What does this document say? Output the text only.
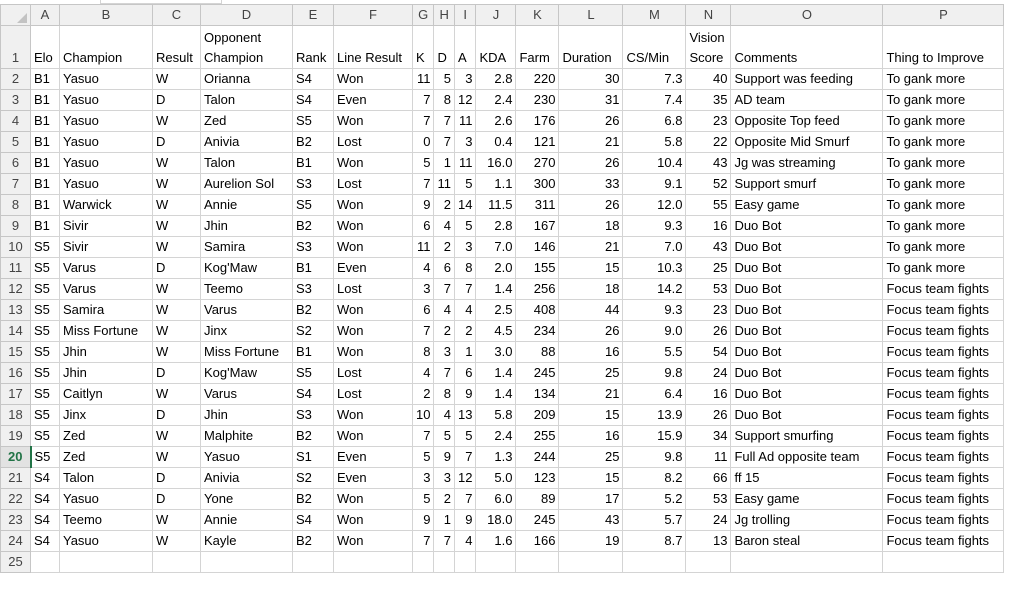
	A	B	C	D	E	F	G	H	I	J	K	L	M	N	O	P
1	Elo	Champion	Result	Opponent Champion	Rank	Line Result	K	D	A	KDA	Farm	Duration	CS/Min	Vision Score	Comments	Thing to Improve
2	B1	Yasuo	W	Orianna	S4	Won	11	5	3	2.8	220	30	7.3	40	Support was feeding	To gank more
3	B1	Yasuo	D	Talon	S4	Even	7	8	12	2.4	230	31	7.4	35	AD team	To gank more
4	B1	Yasuo	W	Zed	S5	Won	7	7	11	2.6	176	26	6.8	23	Opposite Top feed	To gank more
5	B1	Yasuo	D	Anivia	B2	Lost	0	7	3	0.4	121	21	5.8	22	Opposite Mid Smurf	To gank more
6	B1	Yasuo	W	Talon	B1	Won	5	1	11	16.0	270	26	10.4	43	Jg was streaming	To gank more
7	B1	Yasuo	W	Aurelion Sol	S3	Lost	7	11	5	1.1	300	33	9.1	52	Support smurf	To gank more
8	B1	Warwick	W	Annie	S5	Won	9	2	14	11.5	311	26	12.0	55	Easy game	To gank more
9	B1	Sivir	W	Jhin	B2	Won	6	4	5	2.8	167	18	9.3	16	Duo Bot	To gank more
10	S5	Sivir	W	Samira	S3	Won	11	2	3	7.0	146	21	7.0	43	Duo Bot	To gank more
11	S5	Varus	D	Kog'Maw	B1	Even	4	6	8	2.0	155	15	10.3	25	Duo Bot	To gank more
12	S5	Varus	W	Teemo	S3	Lost	3	7	7	1.4	256	18	14.2	53	Duo Bot	Focus team fights
13	S5	Samira	W	Varus	B2	Won	6	4	4	2.5	408	44	9.3	23	Duo Bot	Focus team fights
14	S5	Miss Fortune	W	Jinx	S2	Won	7	2	2	4.5	234	26	9.0	26	Duo Bot	Focus team fights
15	S5	Jhin	W	Miss Fortune	B1	Won	8	3	1	3.0	88	16	5.5	54	Duo Bot	Focus team fights
16	S5	Jhin	D	Kog'Maw	S5	Lost	4	7	6	1.4	245	25	9.8	24	Duo Bot	Focus team fights
17	S5	Caitlyn	W	Varus	S4	Lost	2	8	9	1.4	134	21	6.4	16	Duo Bot	Focus team fights
18	S5	Jinx	D	Jhin	S3	Won	10	4	13	5.8	209	15	13.9	26	Duo Bot	Focus team fights
19	S5	Zed	W	Malphite	B2	Won	7	5	5	2.4	255	16	15.9	34	Support smurfing	Focus team fights
20	S5	Zed	W	Yasuo	S1	Even	5	9	7	1.3	244	25	9.8	11	Full Ad opposite team	Focus team fights
21	S4	Talon	D	Anivia	S2	Even	3	3	12	5.0	123	15	8.2	66	ff 15	Focus team fights
22	S4	Yasuo	D	Yone	B2	Won	5	2	7	6.0	89	17	5.2	53	Easy game	Focus team fights
23	S4	Teemo	W	Annie	S4	Won	9	1	9	18.0	245	43	5.7	24	Jg trolling	Focus team fights
24	S4	Yasuo	W	Kayle	B2	Won	7	7	4	1.6	166	19	8.7	13	Baron steal	Focus team fights
25																
